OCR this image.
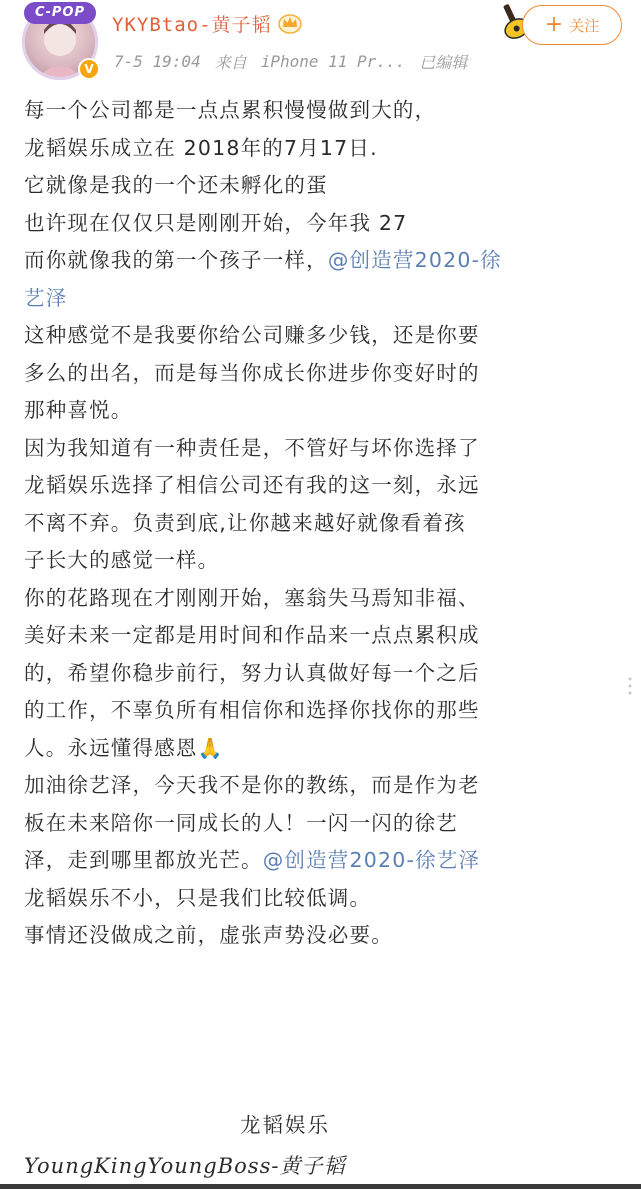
C-POP
V
YKYBtao-黄子韬
7-5 19:04 来自 iPhone 11 Pr... 已编辑
+ 关注
每一个公司都是一点点累积慢慢做到大的，
龙韬娱乐成立在 2018年的7月17日.
它就像是我的一个还未孵化的蛋
也许现在仅仅只是刚刚开始，今年我 27
而你就像我的第一个孩子一样，@创造营2020-徐
艺泽
这种感觉不是我要你给公司赚多少钱，还是你要
多么的出名，而是每当你成长你进步你变好时的
那种喜悦。
因为我知道有一种责任是，不管好与坏你选择了
龙韬娱乐选择了相信公司还有我的这一刻，永远
不离不弃。负责到底,让你越来越好就像看着孩
子长大的感觉一样。
你的花路现在才刚刚开始，塞翁失马焉知非福、
美好未来一定都是用时间和作品来一点点累积成
的，希望你稳步前行，努力认真做好每一个之后
的工作，不辜负所有相信你和选择你找你的那些
人。永远懂得感恩🙏
加油徐艺泽，今天我不是你的教练，而是作为老
板在未来陪你一同成长的人！一闪一闪的徐艺
泽，走到哪里都放光芒。@创造营2020-徐艺泽
龙韬娱乐不小，只是我们比较低调。
事情还没做成之前，虚张声势没必要。
龙韬娱乐
YoungKingYoungBoss-黄子韬
